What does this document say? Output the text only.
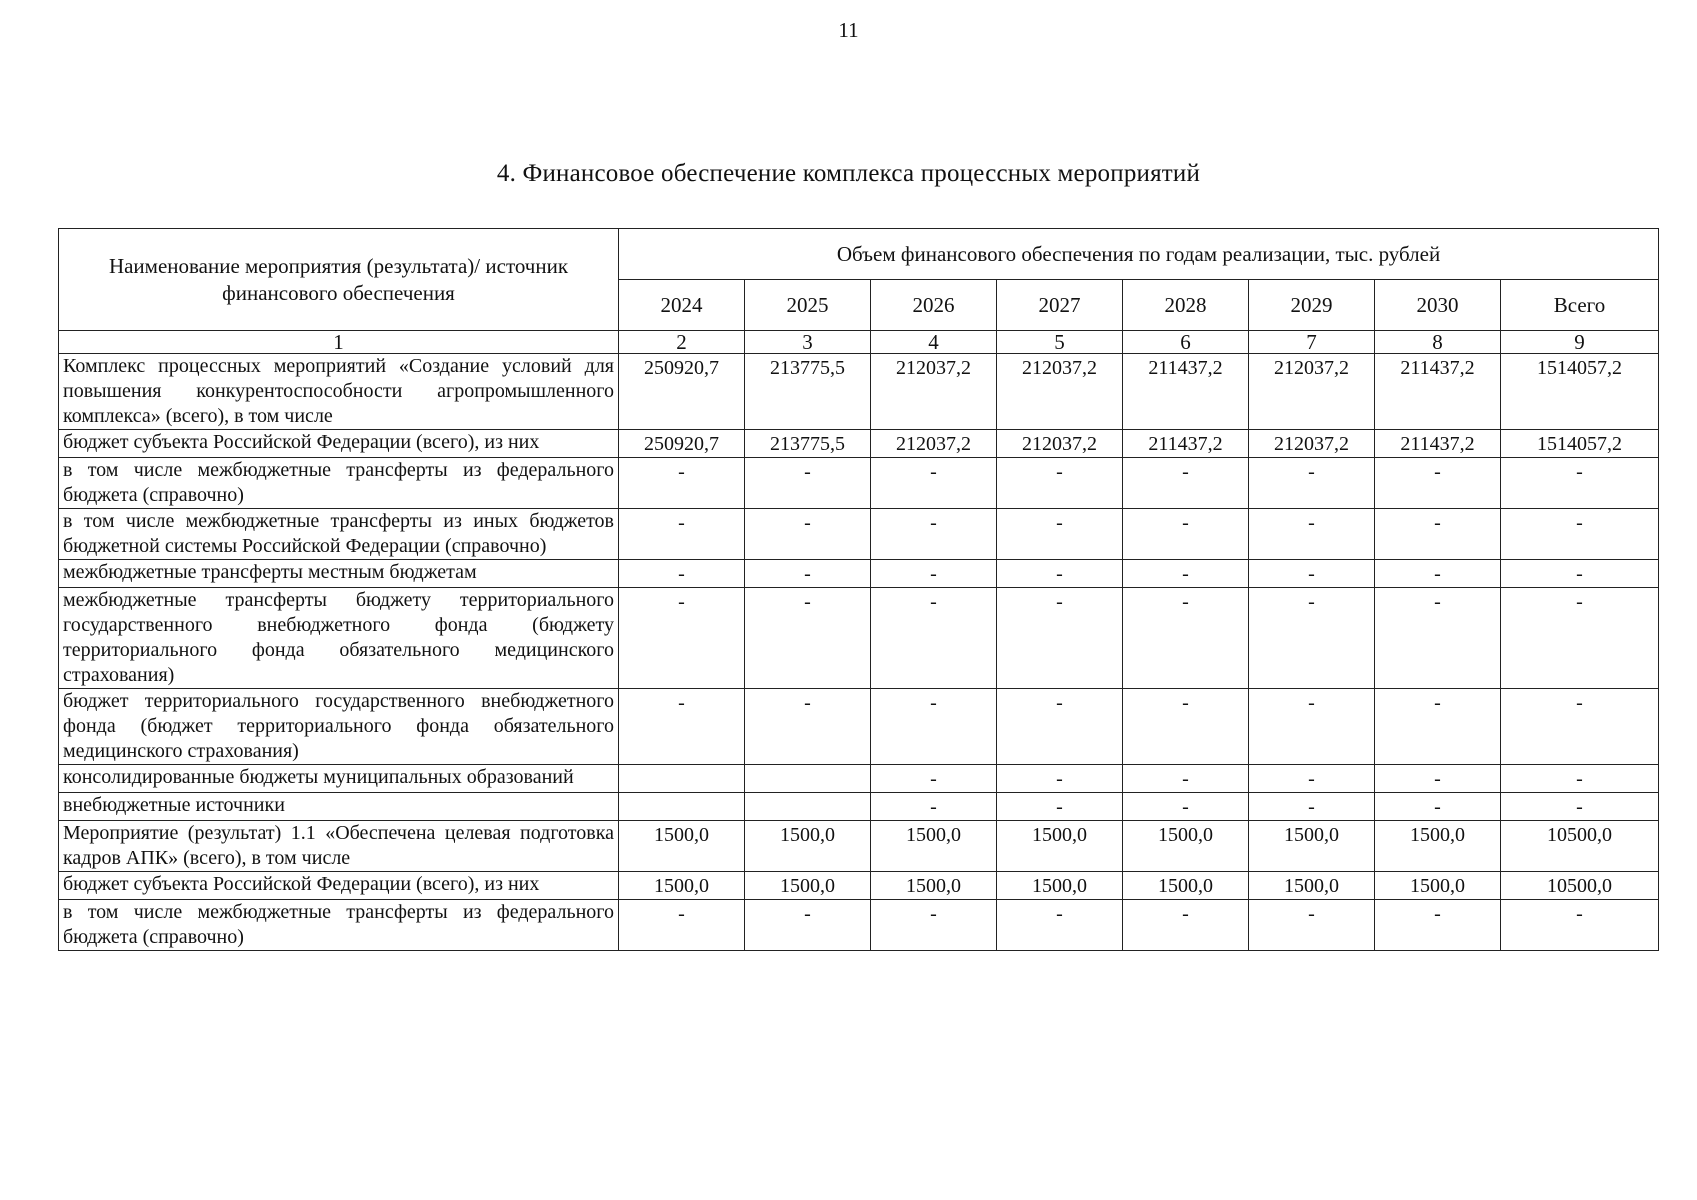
11
4. Финансовое обеспечение комплекса процессных мероприятий
Наименование мероприятия (результата)/ источник финансового обеспечения	Объем финансового обеспечения по годам реализации, тыс. рублей							
	2024	2025	2026	2027	2028	2029	2030	Всего
1	2	3	4	5	6	7	8	9
Комплекс процессных мероприятий «Создание условий для повышения конкурентоспособности агропромышленного комплекса» (всего), в том числе	250920,7	213775,5	212037,2	212037,2	211437,2	212037,2	211437,2	1514057,2
бюджет субъекта Российской Федерации (всего), из них	250920,7	213775,5	212037,2	212037,2	211437,2	212037,2	211437,2	1514057,2
в том числе межбюджетные трансферты из федерального бюджета (справочно)	-	-	-	-	-	-	-	-
в том числе межбюджетные трансферты из иных бюджетов бюджетной системы Российской Федерации (справочно)	-	-	-	-	-	-	-	-
межбюджетные трансферты местным бюджетам	-	-	-	-	-	-	-	-
межбюджетные трансферты бюджету территориального государственного внебюджетного фонда (бюджету территориального фонда обязательного медицинского страхования)	-	-	-	-	-	-	-	-
бюджет территориального государственного внебюджетного фонда (бюджет территориального фонда обязательного медицинского страхования)	-	-	-	-	-	-	-	-
консолидированные бюджеты муниципальных образований			-	-	-	-	-	-
внебюджетные источники			-	-	-	-	-	-
Мероприятие (результат) 1.1 «Обеспечена целевая подготовка кадров АПК» (всего), в том числе	1500,0	1500,0	1500,0	1500,0	1500,0	1500,0	1500,0	10500,0
бюджет субъекта Российской Федерации (всего), из них	1500,0	1500,0	1500,0	1500,0	1500,0	1500,0	1500,0	10500,0
в том числе межбюджетные трансферты из федерального бюджета (справочно)	-	-	-	-	-	-	-	-
